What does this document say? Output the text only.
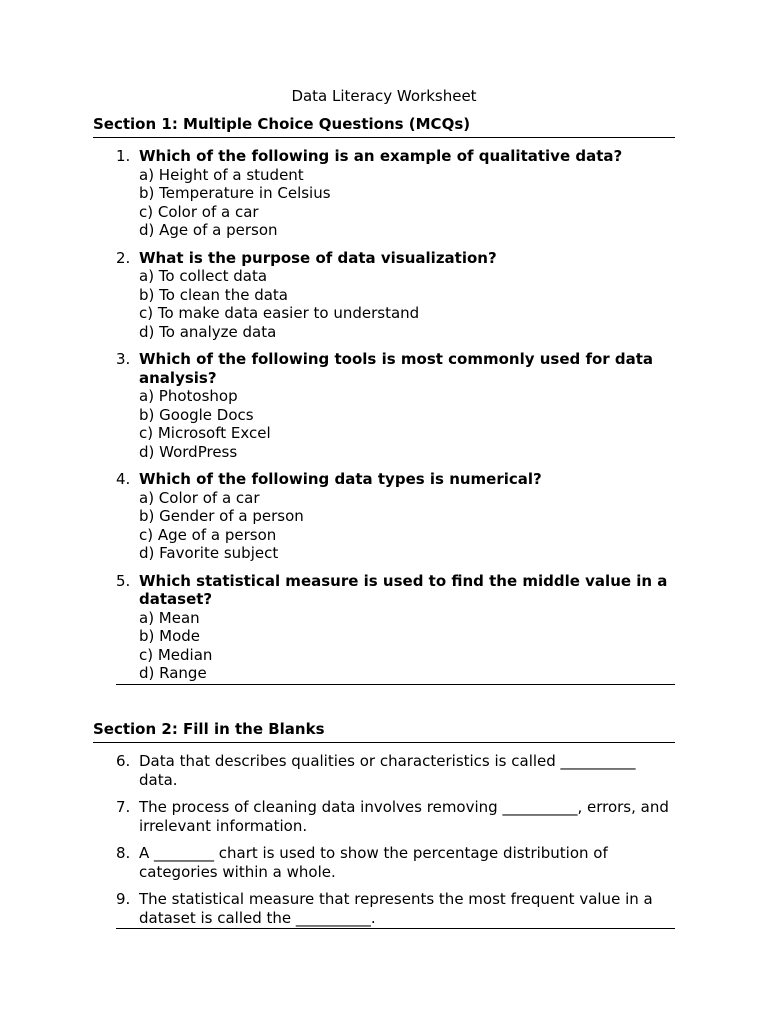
Data Literacy Worksheet
Section 1: Multiple Choice Questions (MCQs)
1. Which of the following is an example of qualitative data?
a) Height of a student
b) Temperature in Celsius
c) Color of a car
d) Age of a person
2. What is the purpose of data visualization?
a) To collect data
b) To clean the data
c) To make data easier to understand
d) To analyze data
3. Which of the following tools is most commonly used for data analysis?
a) Photoshop
b) Google Docs
c) Microsoft Excel
d) WordPress
4. Which of the following data types is numerical?
a) Color of a car
b) Gender of a person
c) Age of a person
d) Favorite subject
5. Which statistical measure is used to find the middle value in a dataset?
a) Mean
b) Mode
c) Median
d) Range
Section 2: Fill in the Blanks
6. Data that describes qualities or characteristics is called __________ data.
7. The process of cleaning data involves removing __________, errors, and irrelevant information.
8. A ________ chart is used to show the percentage distribution of categories within a whole.
9. The statistical measure that represents the most frequent value in a dataset is called the __________.
